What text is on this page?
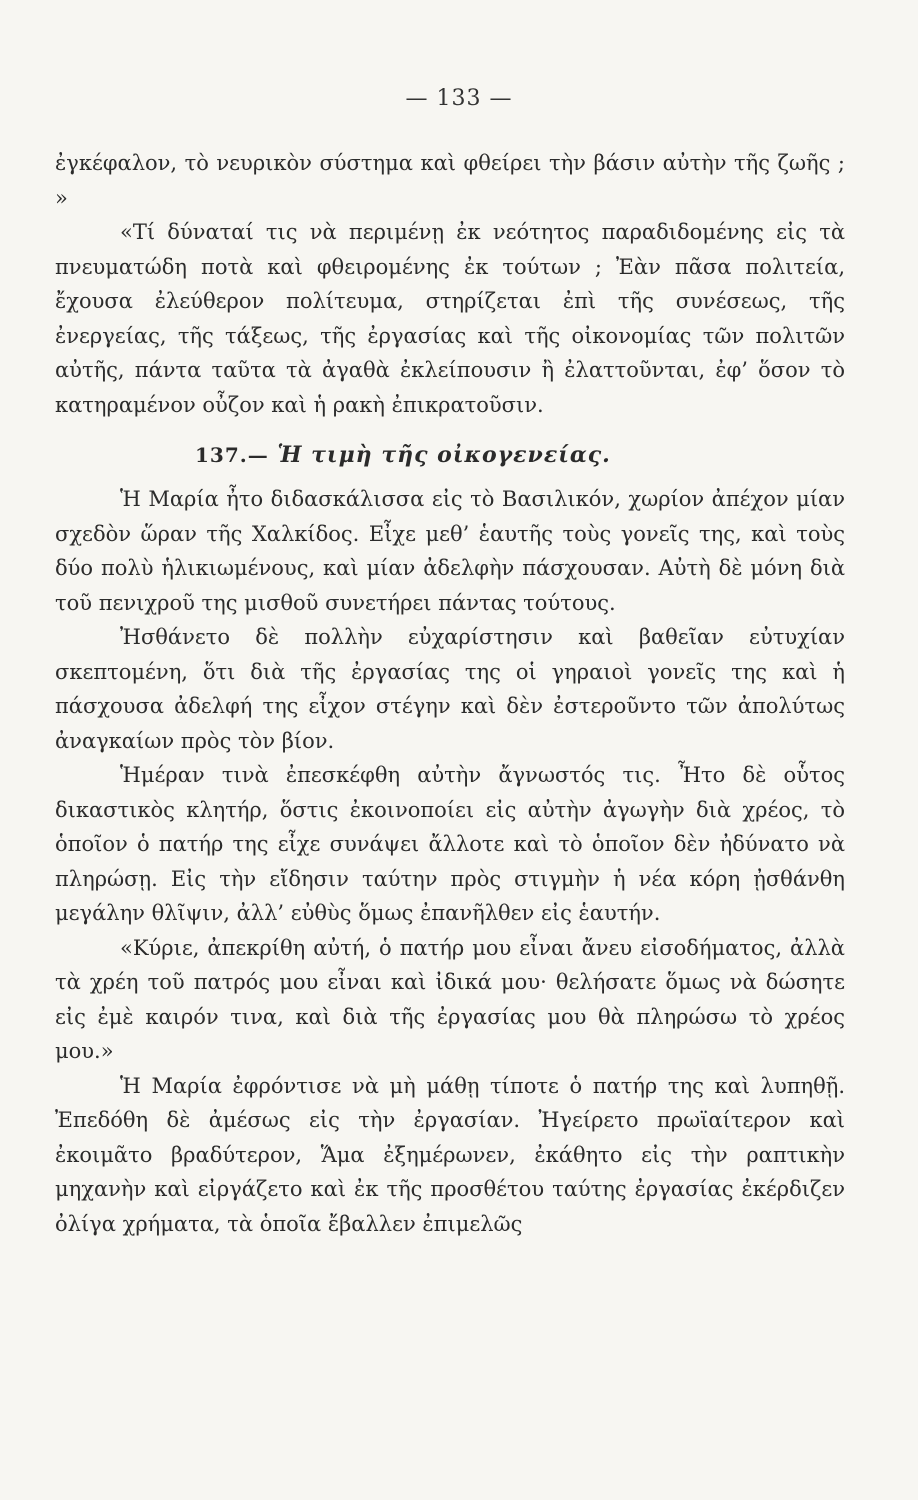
— 133 —

ἐγκέφαλον, τὸ νευρικὸν σύστημα καὶ φθείρει τὴν βάσιν αὐτὴν τῆς ζωῆς ; »

«Τί δύναταί τις νὰ περιμένῃ ἐκ νεότητος παραδιδομένης εἰς τὰ πνευματώδη ποτὰ καὶ φθειρομένης ἐκ τούτων ; Ἐὰν πᾶσα πολιτεία, ἔχουσα ἐλεύθερον πολίτευμα, στηρίζεται ἐπὶ τῆς συνέσεως, τῆς ἐνεργείας, τῆς τάξεως, τῆς ἐργασίας καὶ τῆς οἰκονομίας τῶν πολιτῶν αὐτῆς, πάντα ταῦτα τὰ ἀγαθὰ ἐκλείπουσιν ἢ ἐλαττοῦνται, ἐφ’ ὅσον τὸ κατηραμένον οὖζον καὶ ἡ ρακὴ ἐπικρατοῦσιν.

137.— Ἡ τιμὴ τῆς οἰκογενείας.

Ἡ Μαρία ἦτο διδασκάλισσα εἰς τὸ Βασιλικόν, χωρίον ἀπέχον μίαν σχεδὸν ὥραν τῆς Χαλκίδος. Εἶχε μεθ’ ἑαυτῆς τοὺς γονεῖς της, καὶ τοὺς δύο πολὺ ἡλικιωμένους, καὶ μίαν ἀδελφὴν πάσχουσαν. Αὐτὴ δὲ μόνη διὰ τοῦ πενιχροῦ της μισθοῦ συνετήρει πάντας τούτους.

Ἠσθάνετο δὲ πολλὴν εὐχαρίστησιν καὶ βαθεῖαν εὐτυχίαν σκεπτομένη, ὅτι διὰ τῆς ἐργασίας της οἱ γηραιοὶ γονεῖς της καὶ ἡ πάσχουσα ἀδελφή της εἶχον στέγην καὶ δὲν ἐστεροῦντο τῶν ἀπολύτως ἀναγκαίων πρὸς τὸν βίον.

Ἡμέραν τινὰ ἐπεσκέφθη αὐτὴν ἄγνωστός τις. Ἦτο δὲ οὗτος δικαστικὸς κλητήρ, ὅστις ἐκοινοποίει εἰς αὐτὴν ἀγωγὴν διὰ χρέος, τὸ ὁποῖον ὁ πατήρ της εἶχε συνάψει ἄλλοτε καὶ τὸ ὁποῖον δὲν ἠδύνατο νὰ πληρώσῃ. Εἰς τὴν εἴδησιν ταύτην πρὸς στιγμὴν ἡ νέα κόρη ᾐσθάνθη μεγάλην θλῖψιν, ἀλλ’ εὐθὺς ὅμως ἐπανῆλθεν εἰς ἑαυτήν.

«Κύριε, ἀπεκρίθη αὐτή, ὁ πατήρ μου εἶναι ἄνευ εἰσοδήματος, ἀλλὰ τὰ χρέη τοῦ πατρός μου εἶναι καὶ ἰδικά μου· θελήσατε ὅμως νὰ δώσητε εἰς ἐμὲ καιρόν τινα, καὶ διὰ τῆς ἐργασίας μου θὰ πληρώσω τὸ χρέος μου.»

Ἡ Μαρία ἐφρόντισε νὰ μὴ μάθῃ τίποτε ὁ πατήρ της καὶ λυπηθῇ. Ἐπεδόθη δὲ ἀμέσως εἰς τὴν ἐργασίαν. Ἠγείρετο πρωϊαίτερον καὶ ἐκοιμᾶτο βραδύτερον, Ἅμα ἐξημέρωνεν, ἐκάθητο εἰς τὴν ραπτικὴν μηχανὴν καὶ εἰργάζετο καὶ ἐκ τῆς προσθέτου ταύτης ἐργασίας ἐκέρδιζεν ὀλίγα χρήματα, τὰ ὁποῖα ἔβαλλεν ἐπιμελῶς
